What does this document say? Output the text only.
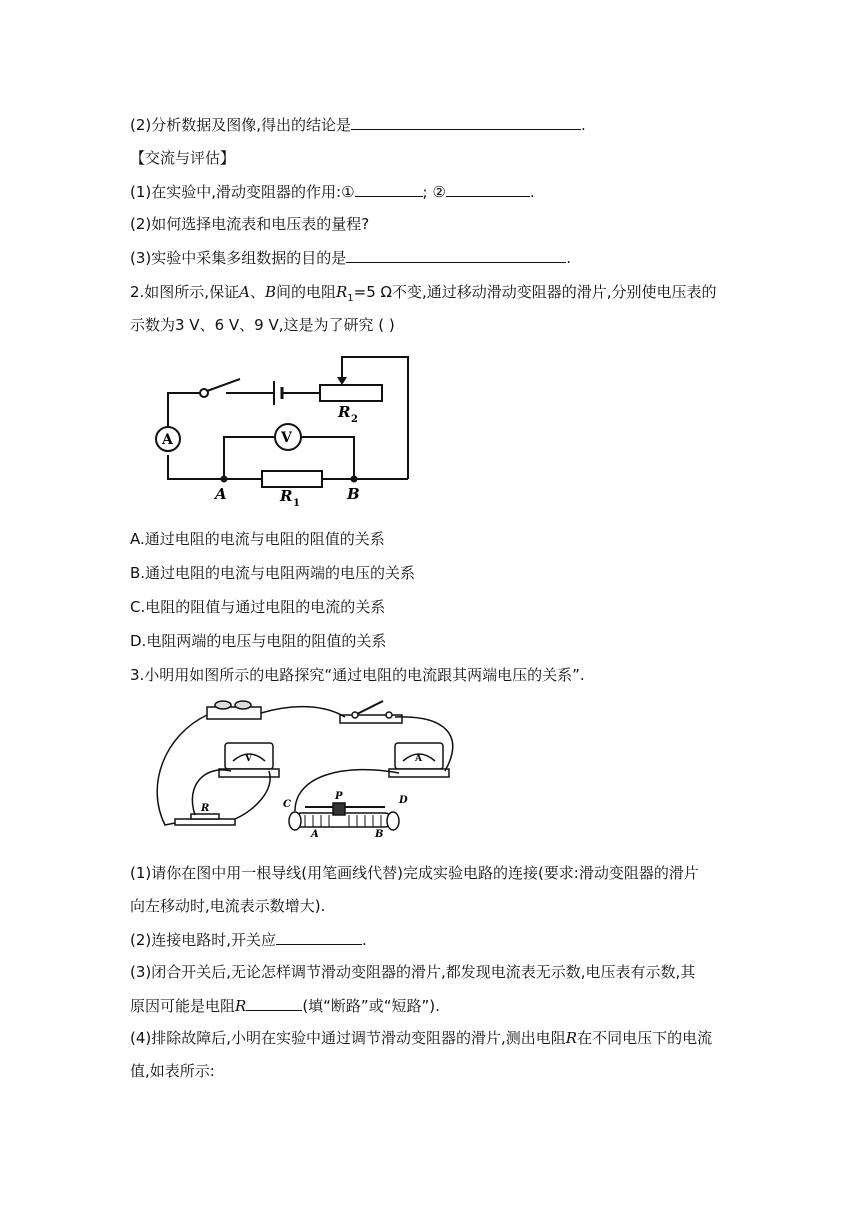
(2)分析数据及图像,得出的结论是	.
【交流与评估】
(1)在实验中,滑动变阻器的作用:①	; ②	.
(2)如何选择电流表和电压表的量程?
(3)实验中采集多组数据的目的是	.
2.如图所示,保证A、B间的电阻$R_1=5$ Ω不变,通过移动滑动变阻器的滑片,分别使电压表的
示数为3 V、6 V、9 V,这是为了研究 ( )
A	V
A	B
R 1
R 2
A.通过电阻的电流与电阻的阻值的关系
B.通过电阻的电流与电阻两端的电压的关系
C.电阻的阻值与通过电阻的电流的关系
D.电阻两端的电压与电阻的阻值的关系
3.小明用如图所示的电路探究“通过电阻的电流跟其两端电压的关系”.
V	A
R	C
P	D
A	B
(1)请你在图中用一根导线(用笔画线代替)完成实验电路的连接(要求:滑动变阻器的滑片
向左移动时,电流表示数增大).
(2)连接电路时,开关应	.
(3)闭合开关后,无论怎样调节滑动变阻器的滑片,都发现电流表无示数,电压表有示数,其
原因可能是电阻R	(填“断路”或“短路”).
(4)排除故障后,小明在实验中通过调节滑动变阻器的滑片,测出电阻R在不同电压下的电流
值,如表所示:
